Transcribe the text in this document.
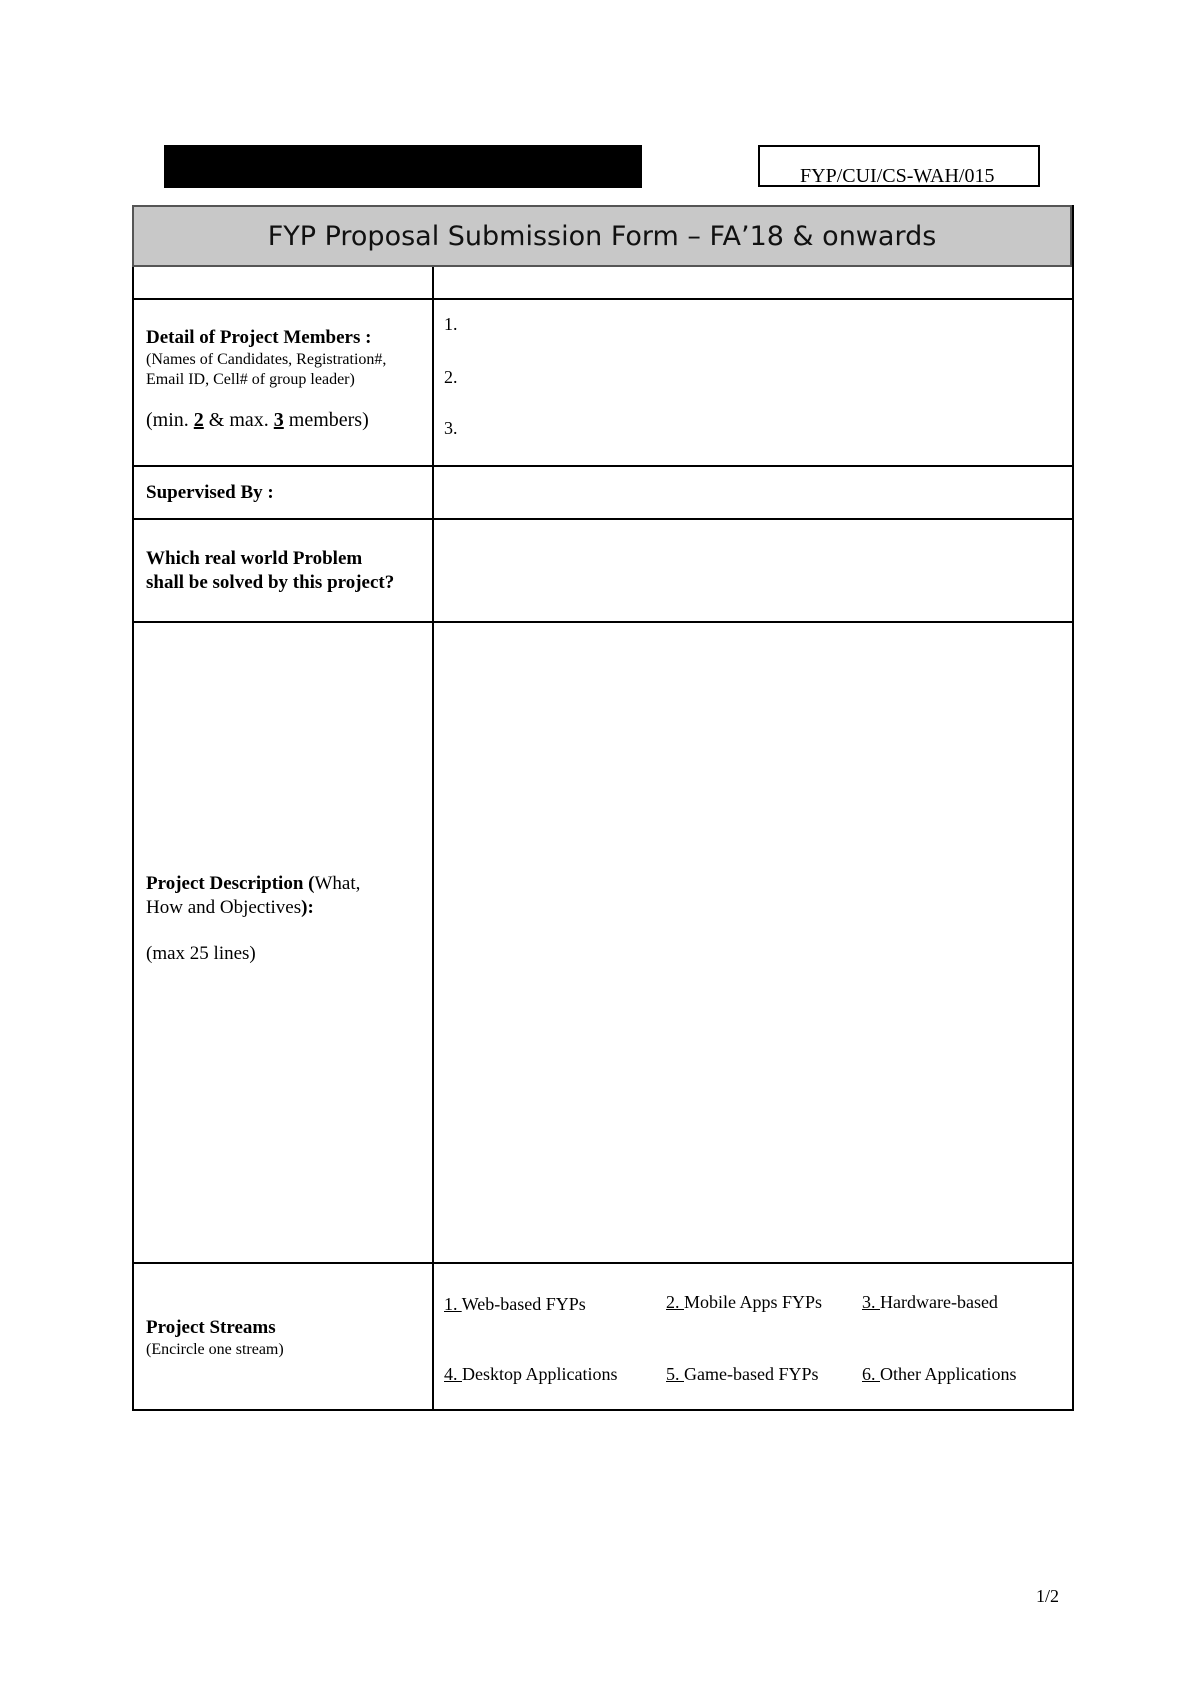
FYP/CUI/CS-WAH/015
FYP Proposal Submission Form – FA’18 & onwards
Detail of Project Members :
(Names of Candidates, Registration#,
Email ID, Cell# of group leader)
(min. 2 & max. 3 members)
1.
2.
3.
Supervised By :
Which real world Problem
shall be solved by this project?
Project Description (What,
How and Objectives):
(max 25 lines)
Project Streams
(Encircle one stream)
1. Web-based FYPs	2. Mobile Apps FYPs 3. Hardware-based
4. Desktop Applications	5. Game-based FYPs 6. Other Applications
1/2
